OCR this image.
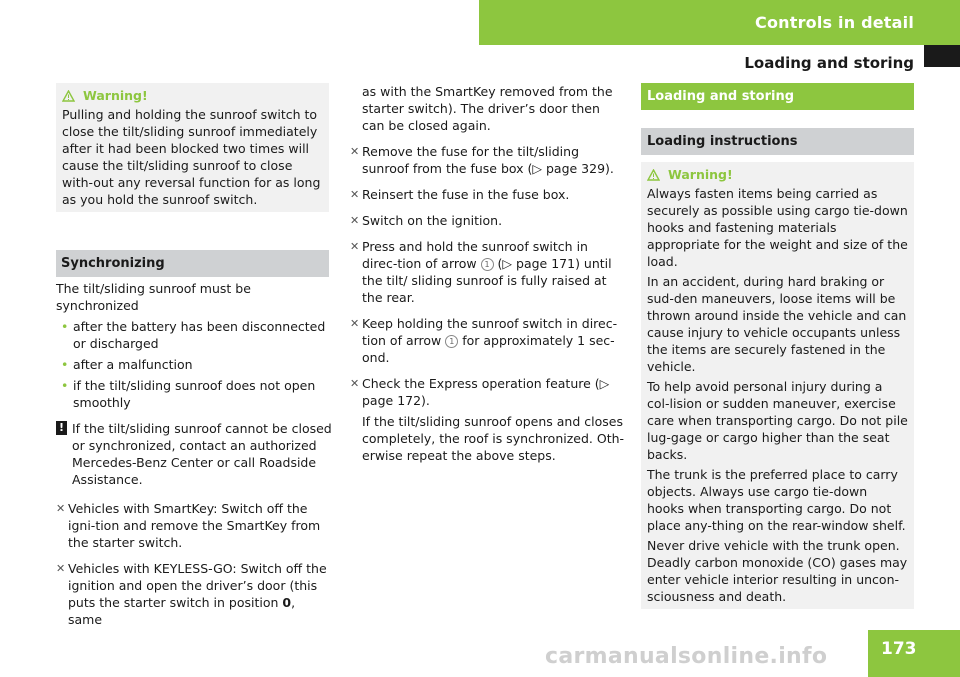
Controls in detail
Loading and storing
Warning!

Pulling and holding the sunroof switch to close the tilt/sliding sunroof immediately after it had been blocked two times will cause the tilt/sliding sunroof to close with-out any reversal function for as long as you hold the sunroof switch.

Synchronizing

The tilt/sliding sunroof must be synchronized

• after the battery has been disconnected or discharged
• after a malfunction
• if the tilt/sliding sunroof does not open smoothly
! If the tilt/sliding sunroof cannot be closed or synchronized, contact an authorized Mercedes-Benz Center or call Roadside Assistance.
✕ Vehicles with SmartKey: Switch off the igni-tion and remove the SmartKey from the starter switch.
✕ Vehicles with KEYLESS-GO: Switch off the ignition and open the driver’s door (this puts the starter switch in position 0, same

as with the SmartKey removed from the starter switch). The driver’s door then can be closed again.

✕ Remove the fuse for the tilt/sliding sunroof from the fuse box (▷ page 329).
✕ Reinsert the fuse in the fuse box.
✕ Switch on the ignition.
✕ Press and hold the sunroof switch in direc-tion of arrow 1 (▷ page 171) until the tilt/ sliding sunroof is fully raised at the rear.
✕ Keep holding the sunroof switch in direc-tion of arrow 1 for approximately 1 sec-ond.
✕ Check the Express operation feature (▷ page 172).

If the tilt/sliding sunroof opens and closes completely, the roof is synchronized. Oth-erwise repeat the above steps.

Loading and storing
Loading instructions
Warning!

Always fasten items being carried as securely as possible using cargo tie-down hooks and fastening materials appropriate for the weight and size of the load.

In an accident, during hard braking or sud-den maneuvers, loose items will be thrown around inside the vehicle and can cause injury to vehicle occupants unless the items are securely fastened in the vehicle.

To help avoid personal injury during a col-lision or sudden maneuver, exercise care when transporting cargo. Do not pile lug-gage or cargo higher than the seat backs.

The trunk is the preferred place to carry objects. Always use cargo tie-down hooks when transporting cargo. Do not place any-thing on the rear-window shelf.

Never drive vehicle with the trunk open. Deadly carbon monoxide (CO) gases may enter vehicle interior resulting in uncon-sciousness and death.

carmanualsonline.info	173
